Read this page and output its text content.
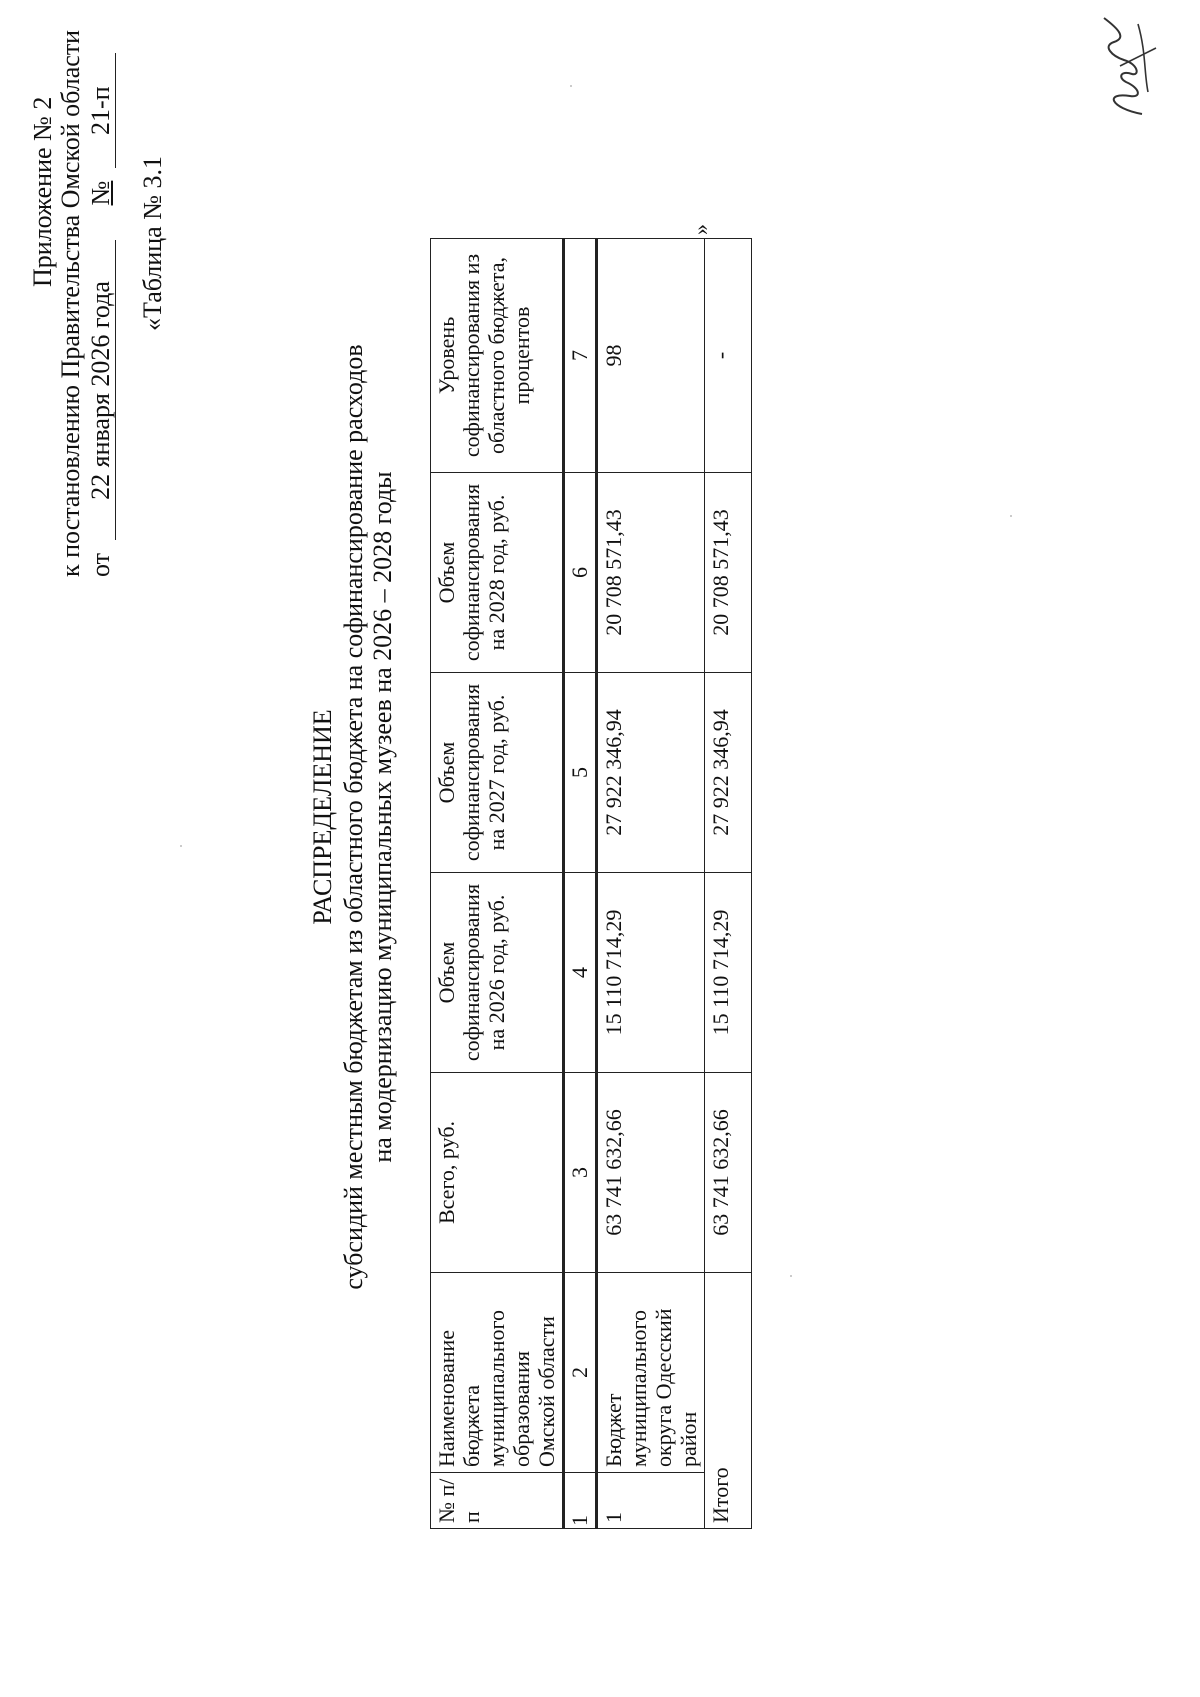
Приложение № 2 к постановлению Правительства Омской области от 22 января 2026 года  № 21-п
«Таблица № 3.1
РАСПРЕДЕЛЕНИЕ субсидий местным бюджетам из областного бюджета на софинансирование расходов на модернизацию муниципальных музеев на 2026 – 2028 годы
№ п/п	Наименование бюджета муниципального образования Омской области	Всего, руб.	Объем софинансирования на 2026 год, руб.	Объем софинансирования на 2027 год, руб.	Объем софинансирования на 2028 год, руб.	Уровень софинансирования из областного бюджета, процентов
1	2	3	4	5	6	7
1	Бюджет муниципального округа Одесский район	63 741 632,66	15 110 714,29	27 922 346,94	20 708 571,43	98
Итого		63 741 632,66	15 110 714,29	27 922 346,94	20 708 571,43	-
»
